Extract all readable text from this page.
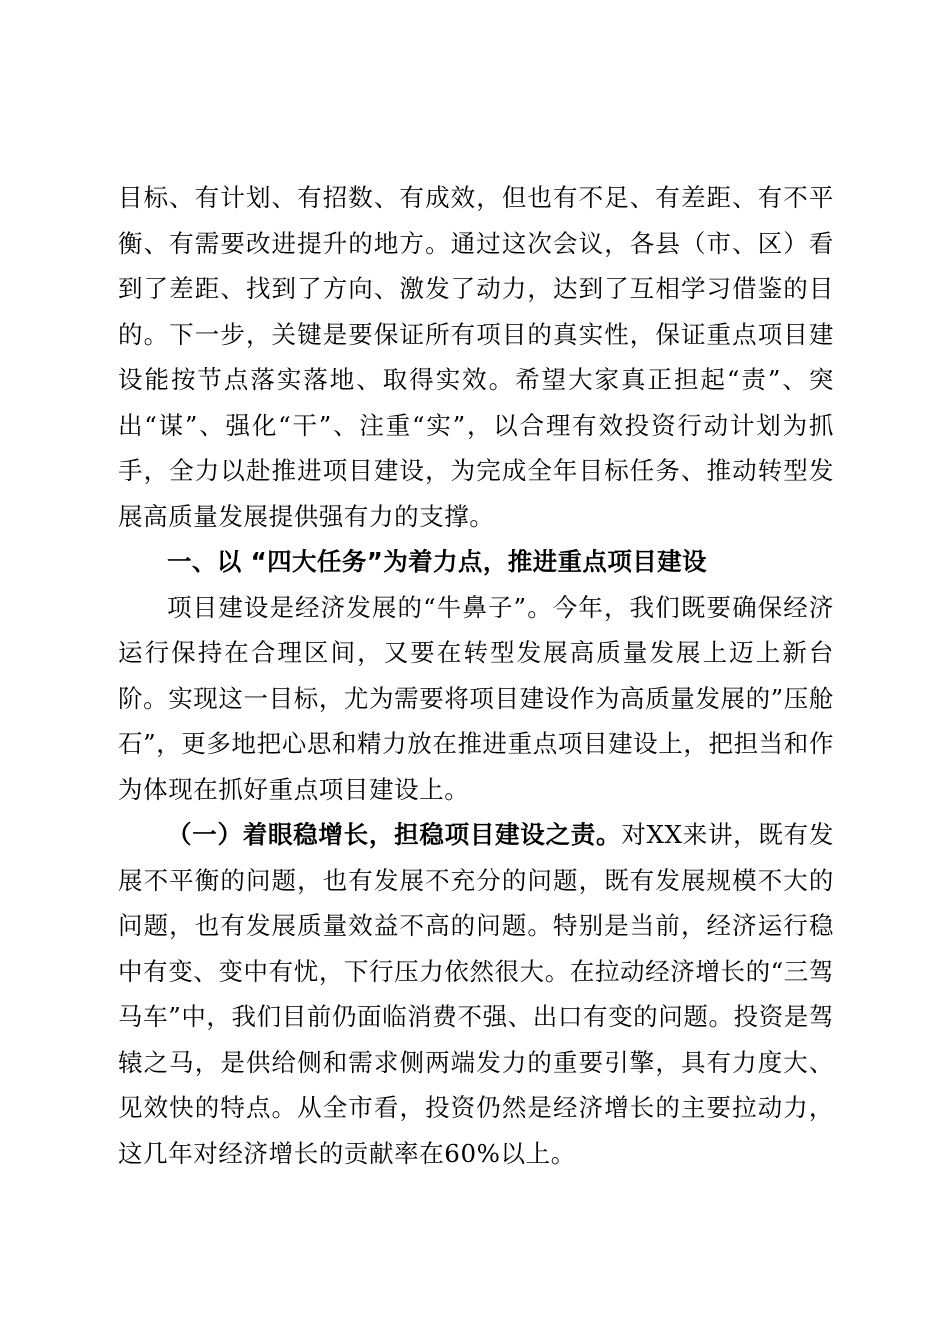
目标、有计划、有招数、有成效，但也有不足、有差距、有不平衡、有需要改进提升的地方。通过这次会议，各县（市、区）看到了差距、找到了方向、激发了动力，达到了互相学习借鉴的目的。下一步，关键是要保证所有项目的真实性，保证重点项目建设能按节点落实落地、取得实效。希望大家真正担起“责”、突出“谋”、强化“干”、注重“实”，以合理有效投资行动计划为抓手，全力以赴推进项目建设，为完成全年目标任务、推动转型发展高质量发展提供强有力的支撑。

一、以 “四大任务”为着力点，推进重点项目建设

项目建设是经济发展的“牛鼻子”。今年，我们既要确保经济运行保持在合理区间，又要在转型发展高质量发展上迈上新台阶。实现这一目标，尤为需要将项目建设作为高质量发展的”压舱石”，更多地把心思和精力放在推进重点项目建设上，把担当和作为体现在抓好重点项目建设上。

（一）着眼稳增长，担稳项目建设之责。对XX来讲，既有发展不平衡的问题，也有发展不充分的问题，既有发展规模不大的问题，也有发展质量效益不高的问题。特别是当前，经济运行稳中有变、变中有忧，下行压力依然很大。在拉动经济增长的“三驾马车”中，我们目前仍面临消费不强、出口有变的问题。投资是驾辕之马，是供给侧和需求侧两端发力的重要引擎，具有力度大、见效快的特点。从全市看，投资仍然是经济增长的主要拉动力，这几年对经济增长的贡献率在60%以上。
